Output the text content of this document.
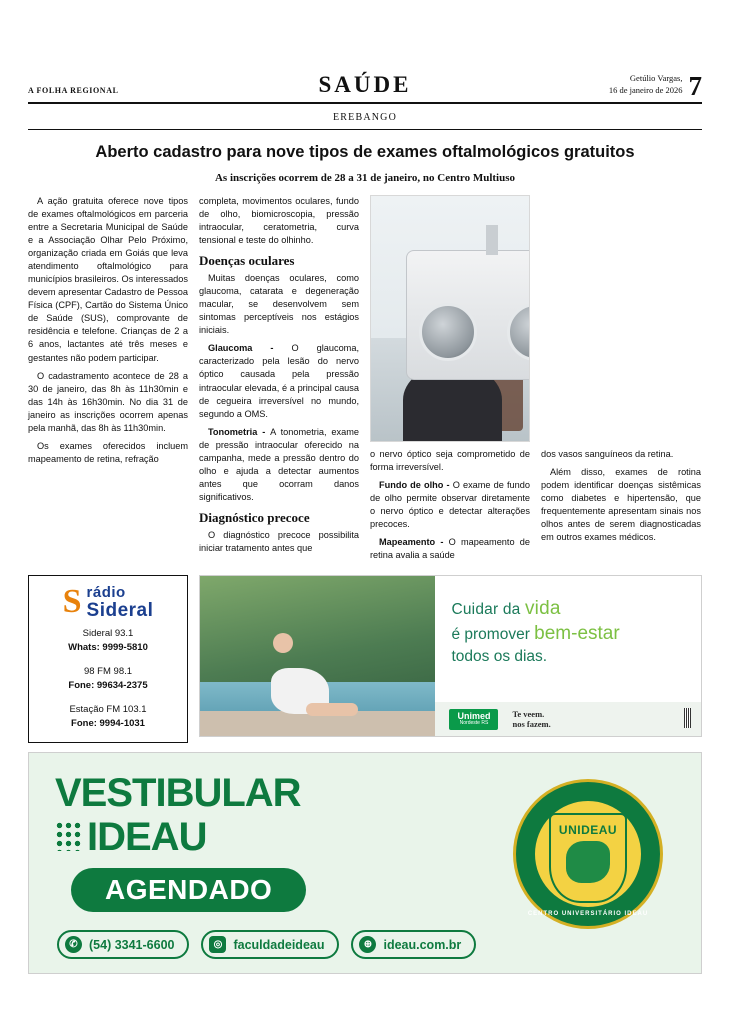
A FOLHA REGIONAL	SAÚDE	Getúlio Vargas,
16 de janeiro de 2026 7
EREBANGO
Aberto cadastro para nove tipos de exames oftalmológicos gratuitos
As inscrições ocorrem de 28 a 31 de janeiro, no Centro Multiuso

A ação gratuita oferece nove tipos de exames oftalmológicos em parceria entre a Secretaria Municipal de Saúde e a Associação Olhar Pelo Próximo, organização criada em Goiás que leva atendimento oftalmológico para municípios brasileiros. Os interessados devem apresentar Cadastro de Pessoa Física (CPF), Cartão do Sistema Único de Saúde (SUS), comprovante de residência e telefone. Crianças de 2 a 6 anos, lactantes até três meses e gestantes não podem participar.

O cadastramento acontece de 28 a 30 de janeiro, das 8h às 11h30min e das 14h às 16h30min. No dia 31 de janeiro as inscrições ocorrem apenas pela manhã, das 8h às 11h30min.

Os exames oferecidos incluem mapeamento de retina, refração

completa, movimentos oculares, fundo de olho, biomicroscopia, pressão intraocular, ceratometria, curva tensional e teste do olhinho.

Doenças oculares

Muitas doenças oculares, como glaucoma, catarata e degeneração macular, se desenvolvem sem sintomas perceptíveis nos estágios iniciais.

Glaucoma - O glaucoma, caracterizado pela lesão do nervo óptico causada pela pressão intraocular elevada, é a principal causa de cegueira irreversível no mundo, segundo a OMS.

Tonometria - A tonometria, exame de pressão intraocular oferecido na campanha, mede a pressão dentro do olho e ajuda a detectar aumentos antes que ocorram danos significativos.

Diagnóstico precoce

O diagnóstico precoce possibilita iniciar tratamento antes que

o nervo óptico seja comprometido de forma irreversível.

Fundo de olho - O exame de fundo de olho permite observar diretamente o nervo óptico e detectar alterações precoces.

Mapeamento - O mapeamento de retina avalia a saúde

dos vasos sanguíneos da retina.

Além disso, exames de rotina podem identificar doenças sistêmicas como diabetes e hipertensão, que frequentemente apresentam sinais nos olhos antes de serem diagnosticadas em outros exames médicos.

S rádio
Sideral
Sideral 93.1
Whats: 9999-5810
98 FM 98.1
Fone: 99634-2375
Estação FM 103.1
Fone: 9994-1031
Cuidar da vida
é promover bem-estar
todos os dias.
Unimed
Nordeste RS
Te veem.
nos fazem.
VESTIBULAR
IDEAU
AGENDADO
✆ (54) 3341-6600	◎ faculdadeideau	⊕ ideau.com.br
UNIDEAU
CENTRO UNIVERSITÁRIO IDEAU
